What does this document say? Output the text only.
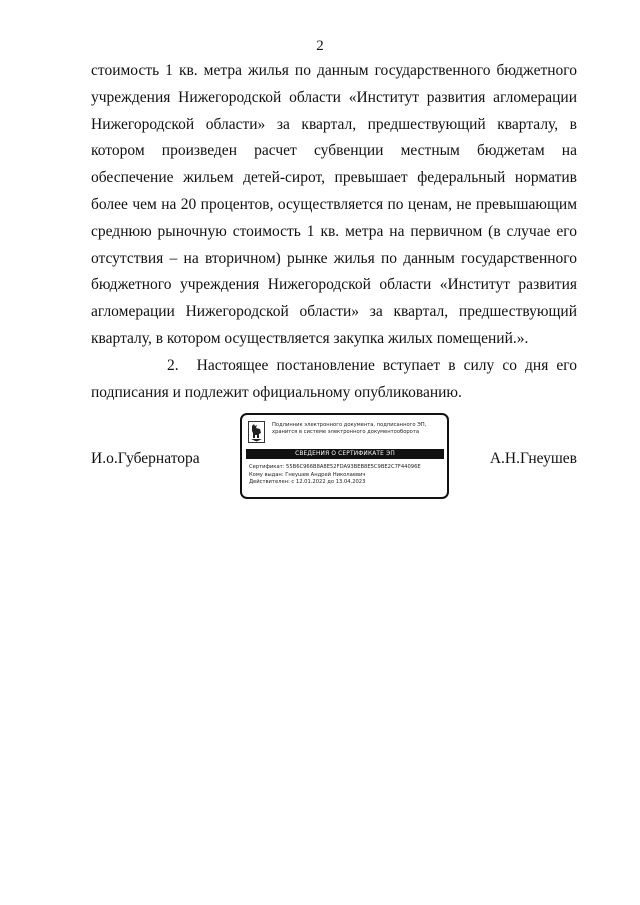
2

стоимость 1 кв. метра жилья по данным государственного бюджетного учреждения Нижегородской области «Институт развития агломерации Нижегородской области» за квартал, предшествующий кварталу, в котором произведен расчет субвенции местным бюджетам на обеспечение жильем детей-сирот, превышает федеральный норматив более чем на 20 процентов, осуществляется по ценам, не превышающим среднюю рыночную стоимость 1 кв. метра на первичном (в случае его отсутствия – на вторичном) рынке жилья по данным государственного бюджетного учреждения Нижегородской области «Институт развития агломерации Нижегородской области» за квартал, предшествующий кварталу, в котором осуществляется закупка жилых помещений.».

2. Настоящее постановление вступает в силу со дня его подписания и подлежит официальному опубликованию.

И.о.Губернатора	А.Н.Гнеушев
Подлинник электронного документа, подписанного ЭП, хранится в системе электронного документооборота
СВЕДЕНИЯ О СЕРТИФИКАТЕ ЭП
Сертификат: 55B6C966B8A8E52FDA93BEB8E5C9BE2C7F44096E
Кому выдан: Гнеушев Андрей Николаевич
Действителен: с 12.01.2022 до 13.04.2023
